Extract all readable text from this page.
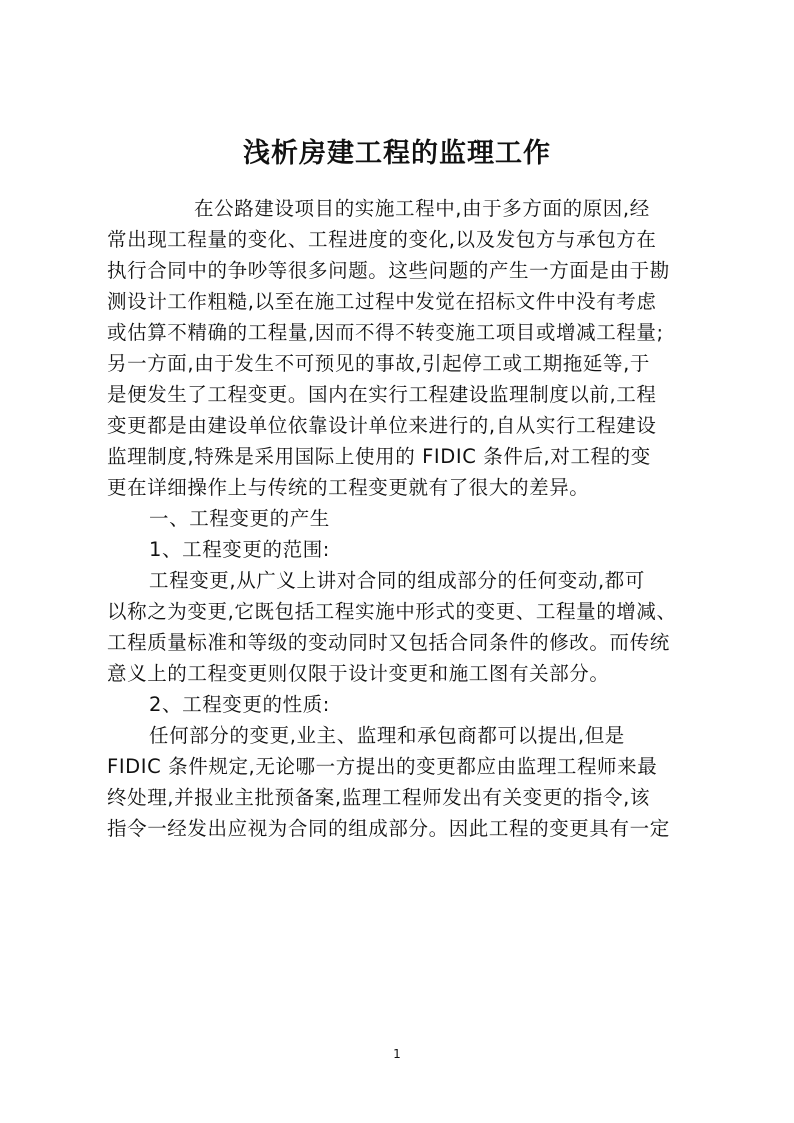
浅析房建工程的监理工作
在公路建设项目的实施工程中,由于多方面的原因,经
常出现工程量的变化、工程进度的变化,以及发包方与承包方在
执行合同中的争吵等很多问题。这些问题的产生一方面是由于勘
测设计工作粗糙,以至在施工过程中发觉在招标文件中没有考虑
或估算不精确的工程量,因而不得不转变施工项目或增减工程量;
另一方面,由于发生不可预见的事故,引起停工或工期拖延等,于
是便发生了工程变更。国内在实行工程建设监理制度以前,工程
变更都是由建设单位依靠设计单位来进行的,自从实行工程建设
监理制度,特殊是采用国际上使用的 FIDIC 条件后,对工程的变
更在详细操作上与传统的工程变更就有了很大的差异。
一、工程变更的产生
1、工程变更的范围:
工程变更,从广义上讲对合同的组成部分的任何变动,都可
以称之为变更,它既包括工程实施中形式的变更、工程量的增减、
工程质量标准和等级的变动同时又包括合同条件的修改。而传统
意义上的工程变更则仅限于设计变更和施工图有关部分。
2、工程变更的性质:
任何部分的变更,业主、监理和承包商都可以提出,但是
FIDIC 条件规定,无论哪一方提出的变更都应由监理工程师来最
终处理,并报业主批预备案,监理工程师发出有关变更的指令,该
指令一经发出应视为合同的组成部分。因此工程的变更具有一定
1
